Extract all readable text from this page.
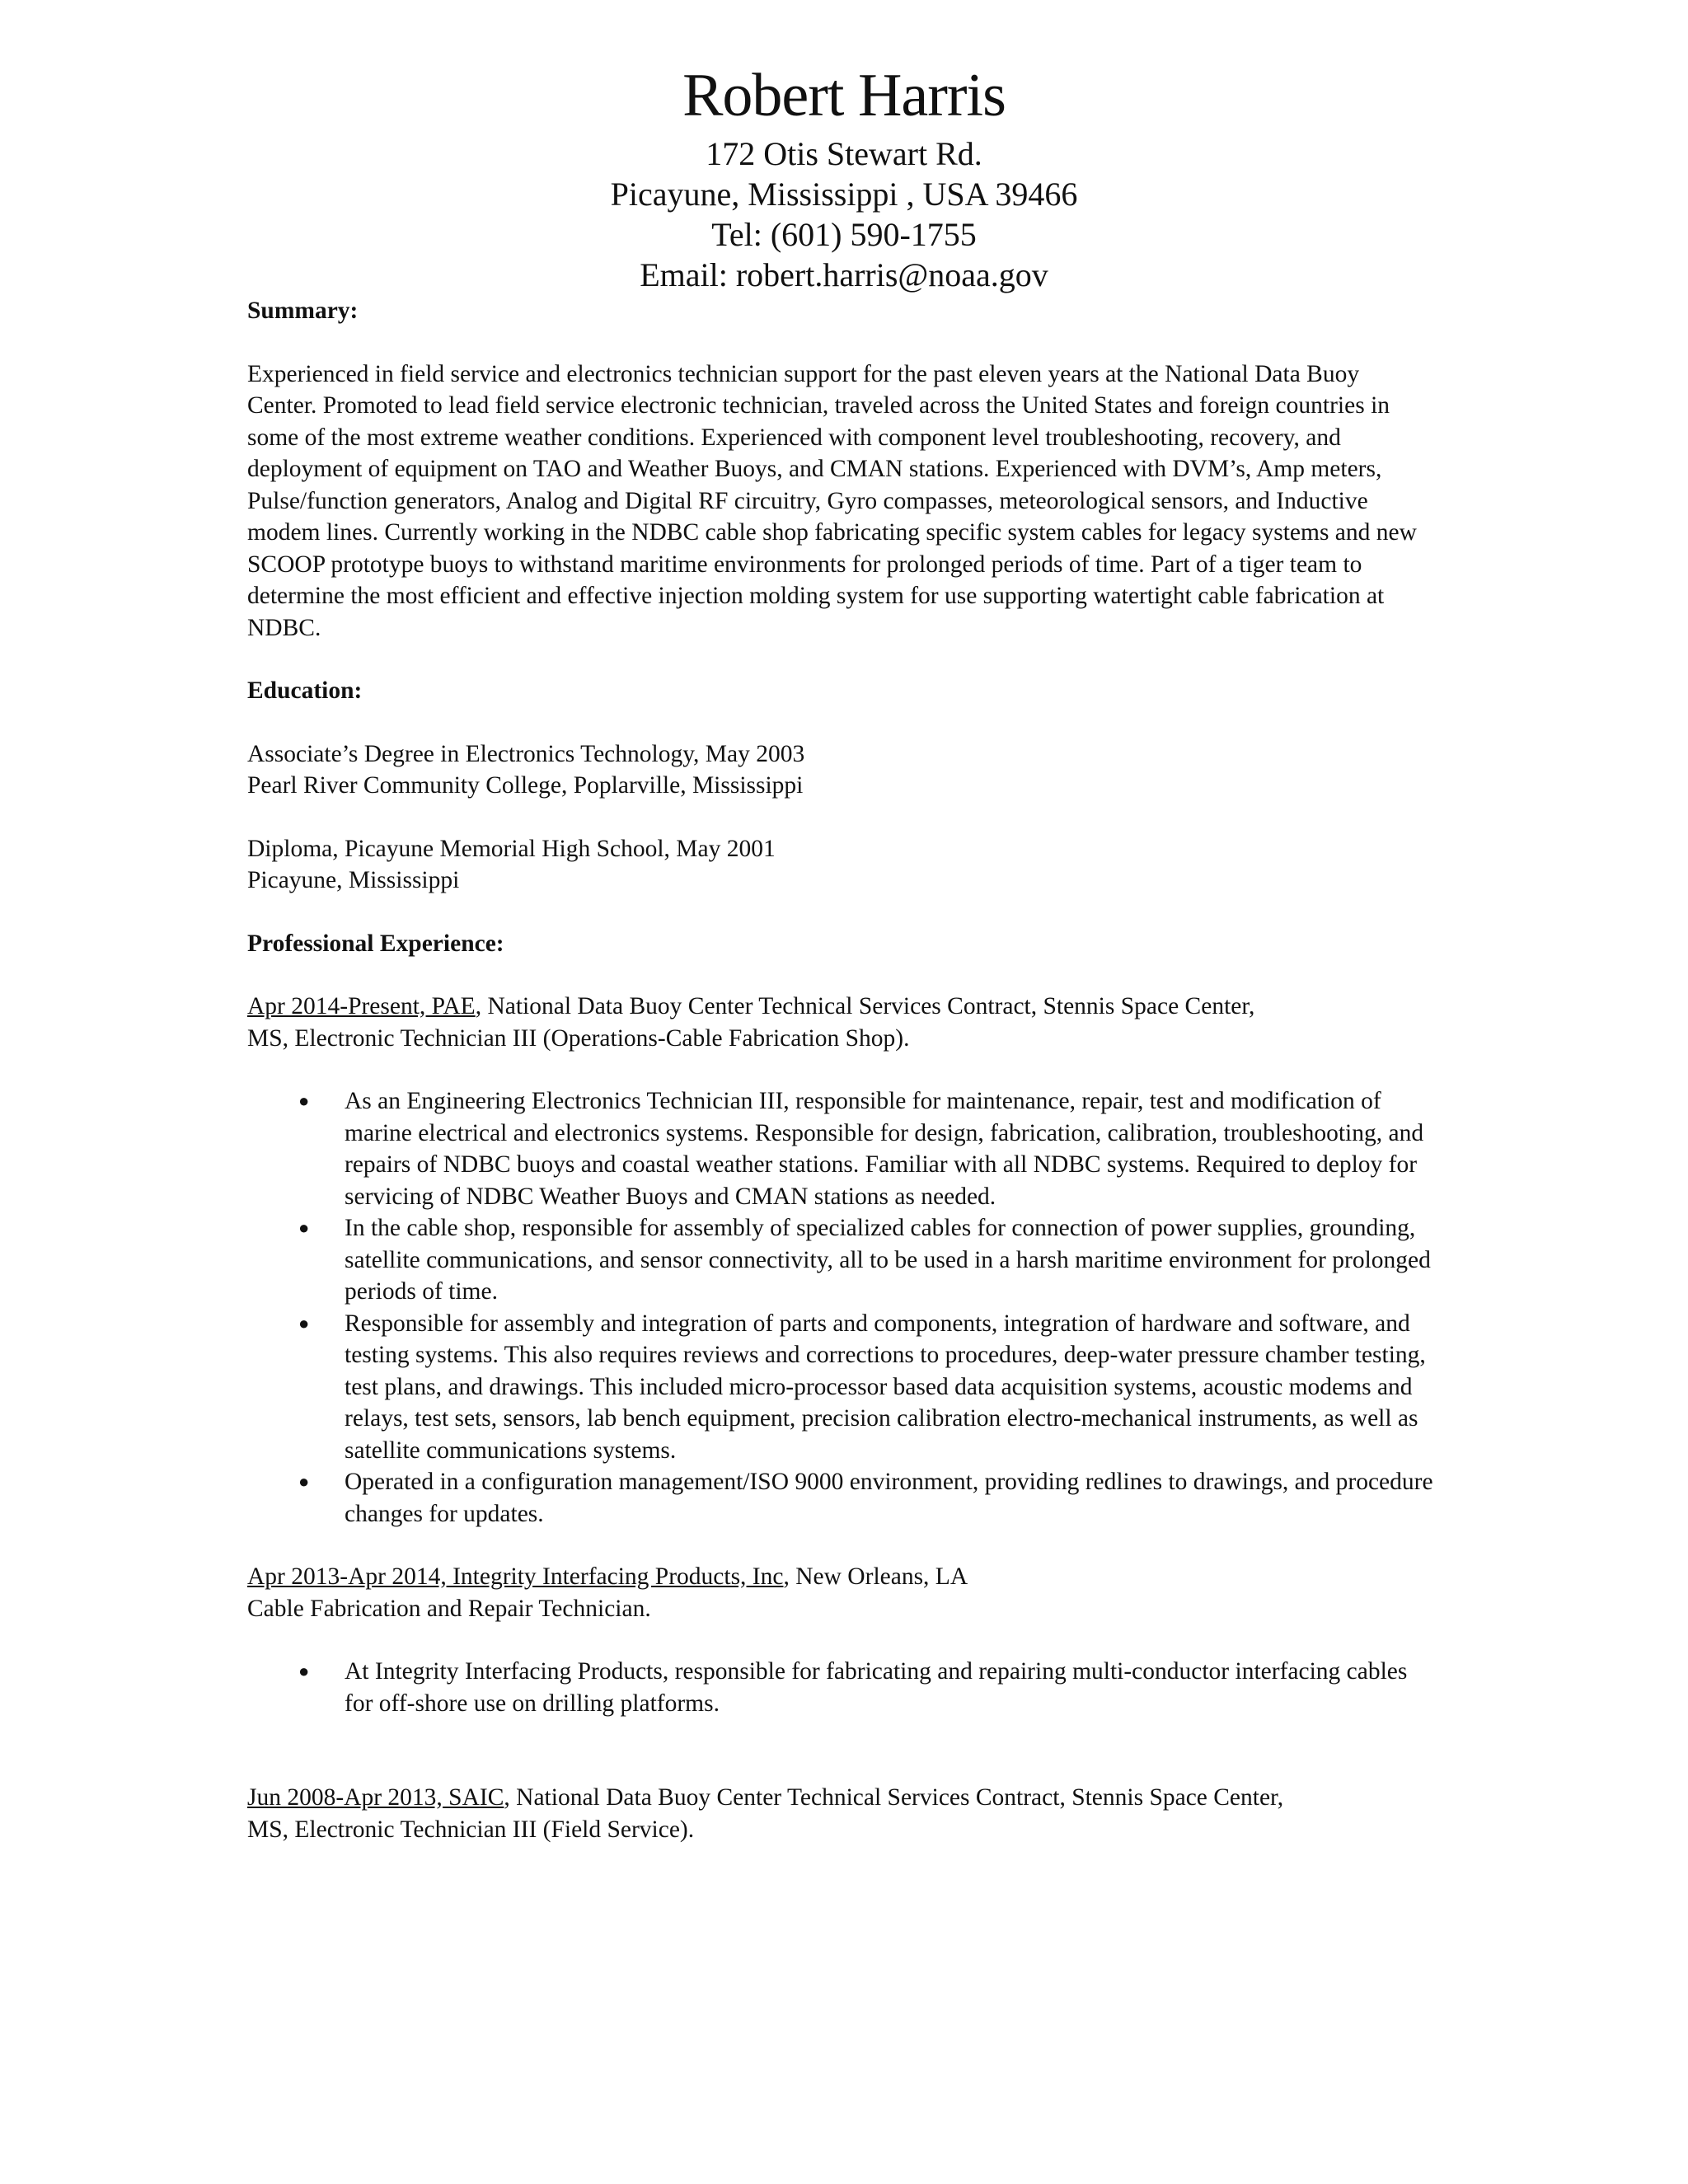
Robert Harris

172 Otis Stewart Rd.

Picayune, Mississippi , USA 39466

Tel: (601) 590-1755

Email: robert.harris@noaa.gov

Summary:

Experienced in field service and electronics technician support for the past eleven years at the National Data Buoy Center. Promoted to lead field service electronic technician, traveled across the United States and foreign countries in some of the most extreme weather conditions. Experienced with component level troubleshooting, recovery, and deployment of equipment on TAO and Weather Buoys, and CMAN stations. Experienced with DVM’s, Amp meters, Pulse/function generators, Analog and Digital RF circuitry, Gyro compasses, meteorological sensors, and Inductive modem lines. Currently working in the NDBC cable shop fabricating specific system cables for legacy systems and new SCOOP prototype buoys to withstand maritime environments for prolonged periods of time. Part of a tiger team to determine the most efficient and effective injection molding system for use supporting watertight cable fabrication at NDBC.

Education:

Associate’s Degree in Electronics Technology, May 2003

Pearl River Community College, Poplarville, Mississippi

Diploma, Picayune Memorial High School, May 2001

Picayune, Mississippi

Professional Experience:

Apr 2014-Present, PAE, National Data Buoy Center Technical Services Contract, Stennis Space Center,

MS, Electronic Technician III (Operations-Cable Fabrication Shop).

● As an Engineering Electronics Technician III, responsible for maintenance, repair, test and modification of marine electrical and electronics systems. Responsible for design, fabrication, calibration, troubleshooting, and repairs of NDBC buoys and coastal weather stations. Familiar with all NDBC systems. Required to deploy for servicing of NDBC Weather Buoys and CMAN stations as needed.
● In the cable shop, responsible for assembly of specialized cables for connection of power supplies, grounding, satellite communications, and sensor connectivity, all to be used in a harsh maritime environment for prolonged periods of time.
● Responsible for assembly and integration of parts and components, integration of hardware and software, and testing systems. This also requires reviews and corrections to procedures, deep-water pressure chamber testing, test plans, and drawings. This included micro-processor based data acquisition systems, acoustic modems and relays, test sets, sensors, lab bench equipment, precision calibration electro-mechanical instruments, as well as satellite communications systems.
● Operated in a configuration management/ISO 9000 environment, providing redlines to drawings, and procedure changes for updates.

Apr 2013-Apr 2014, Integrity Interfacing Products, Inc, New Orleans, LA

Cable Fabrication and Repair Technician.

● At Integrity Interfacing Products, responsible for fabricating and repairing multi-conductor interfacing cables for off-shore use on drilling platforms.

Jun 2008-Apr 2013, SAIC, National Data Buoy Center Technical Services Contract, Stennis Space Center,

MS, Electronic Technician III (Field Service).
